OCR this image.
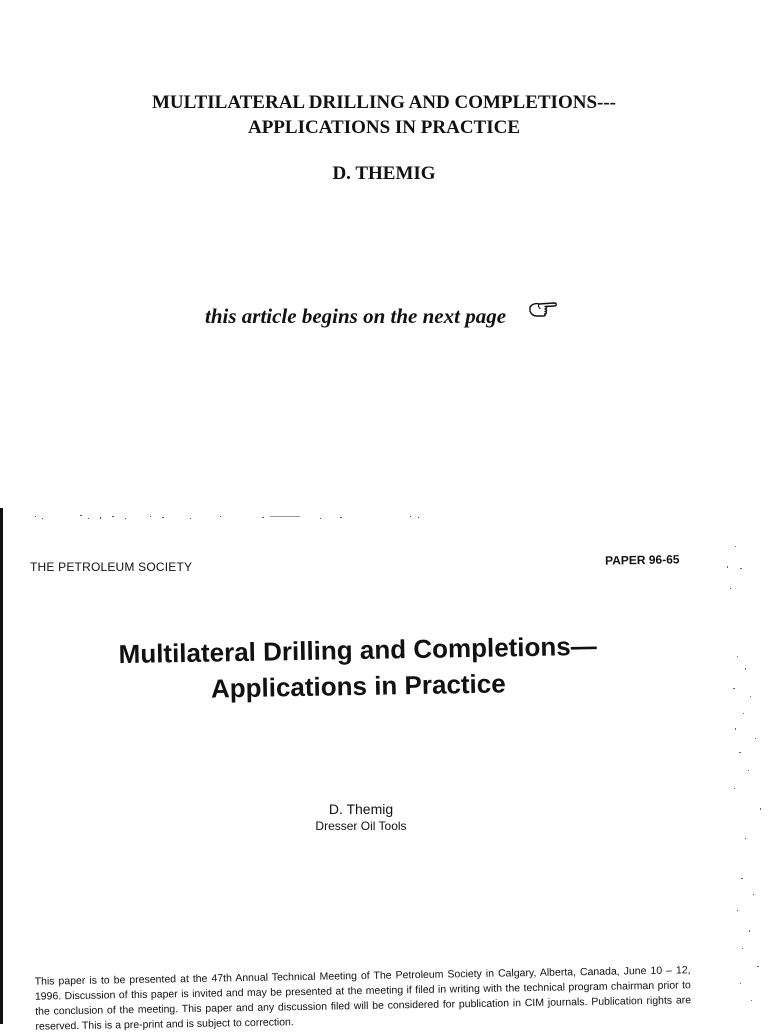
MULTILATERAL DRILLING AND COMPLETIONS---
APPLICATIONS IN PRACTICE
D. THEMIG
this article begins on the next page
THE PETROLEUM SOCIETY	PAPER 96-65
Multilateral Drilling and Completions—
Applications in Practice
D. Themig
Dresser Oil Tools
This paper is to be presented at the 47th Annual Technical Meeting of The Petroleum Society in Calgary, Alberta, Canada, June 10 – 12, 1996. Discussion of this paper is invited and may be presented at the meeting if filed in writing with the technical program chairman prior to the conclusion of the meeting. This paper and any discussion filed will be considered for publication in CIM journals. Publication rights are reserved. This is a pre-print and is subject to correction.
